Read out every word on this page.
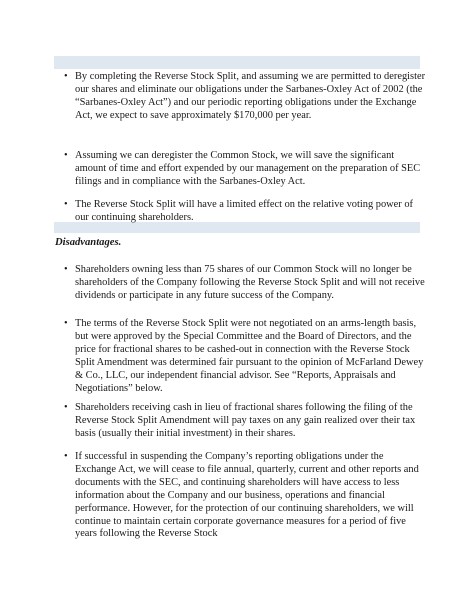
• By completing the Reverse Stock Split, and assuming we are permitted to deregister our shares and eliminate our obligations under the Sarbanes-Oxley Act of 2002 (the “Sarbanes-Oxley Act”) and our periodic reporting obligations under the Exchange Act, we expect to save approximately $170,000 per year.
• Assuming we can deregister the Common Stock, we will save the significant amount of time and effort expended by our management on the preparation of SEC filings and in compliance with the Sarbanes-Oxley Act.
• The Reverse Stock Split will have a limited effect on the relative voting power of our continuing shareholders.
Disadvantages.
• Shareholders owning less than 75 shares of our Common Stock will no longer be shareholders of the Company following the Reverse Stock Split and will not receive dividends or participate in any future success of the Company.
• The terms of the Reverse Stock Split were not negotiated on an arms-length basis, but were approved by the Special Committee and the Board of Directors, and the price for fractional shares to be cashed-out in connection with the Reverse Stock Split Amendment was determined fair pursuant to the opinion of McFarland Dewey & Co., LLC, our independent financial advisor. See “Reports, Appraisals and Negotiations” below.
• Shareholders receiving cash in lieu of fractional shares following the filing of the Reverse Stock Split Amendment will pay taxes on any gain realized over their tax basis (usually their initial investment) in their shares.
• If successful in suspending the Company’s reporting obligations under the Exchange Act, we will cease to file annual, quarterly, current and other reports and documents with the SEC, and continuing shareholders will have access to less information about the Company and our business, operations and financial performance. However, for the protection of our continuing shareholders, we will continue to maintain certain corporate governance measures for a period of five years following the Reverse Stock
